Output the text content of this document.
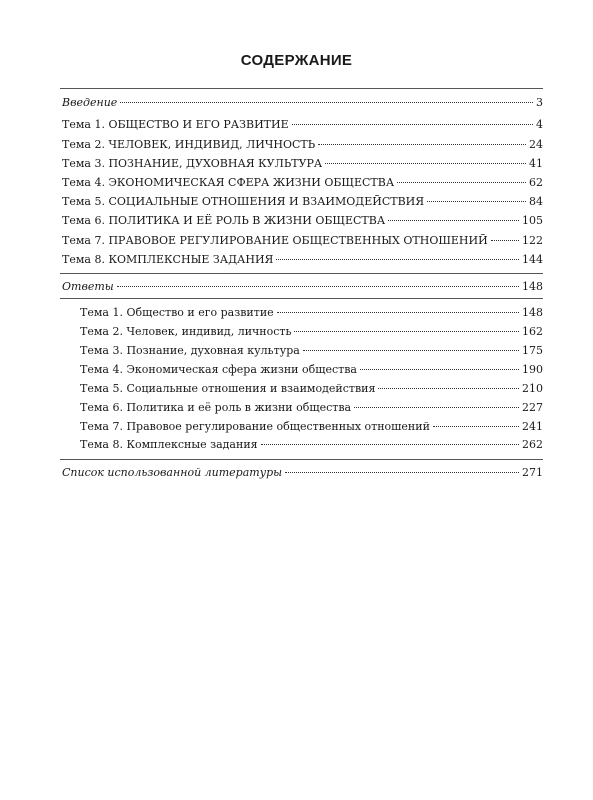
СОДЕРЖАНИЕ
Введение	3
Тема 1. ОБЩЕСТВО И ЕГО РАЗВИТИЕ	4
Тема 2. ЧЕЛОВЕК, ИНДИВИД, ЛИЧНОСТЬ	24
Тема 3. ПОЗНАНИЕ, ДУХОВНАЯ КУЛЬТУРА	41
Тема 4. ЭКОНОМИЧЕСКАЯ СФЕРА ЖИЗНИ ОБЩЕСТВА	62
Тема 5. СОЦИАЛЬНЫЕ ОТНОШЕНИЯ И ВЗАИМОДЕЙСТВИЯ	84
Тема 6. ПОЛИТИКА И ЕЁ РОЛЬ В ЖИЗНИ ОБЩЕСТВА	105
Тема 7. ПРАВОВОЕ РЕГУЛИРОВАНИЕ ОБЩЕСТВЕННЫХ ОТНОШЕНИЙ	122
Тема 8. КОМПЛЕКСНЫЕ ЗАДАНИЯ	144
Ответы	148
Тема 1. Общество и его развитие	148
Тема 2. Человек, индивид, личность	162
Тема 3. Познание, духовная культура	175
Тема 4. Экономическая сфера жизни общества	190
Тема 5. Социальные отношения и взаимодействия	210
Тема 6. Политика и её роль в жизни общества	227
Тема 7. Правовое регулирование общественных отношений	241
Тема 8. Комплексные задания	262
Список использованной литературы	271
